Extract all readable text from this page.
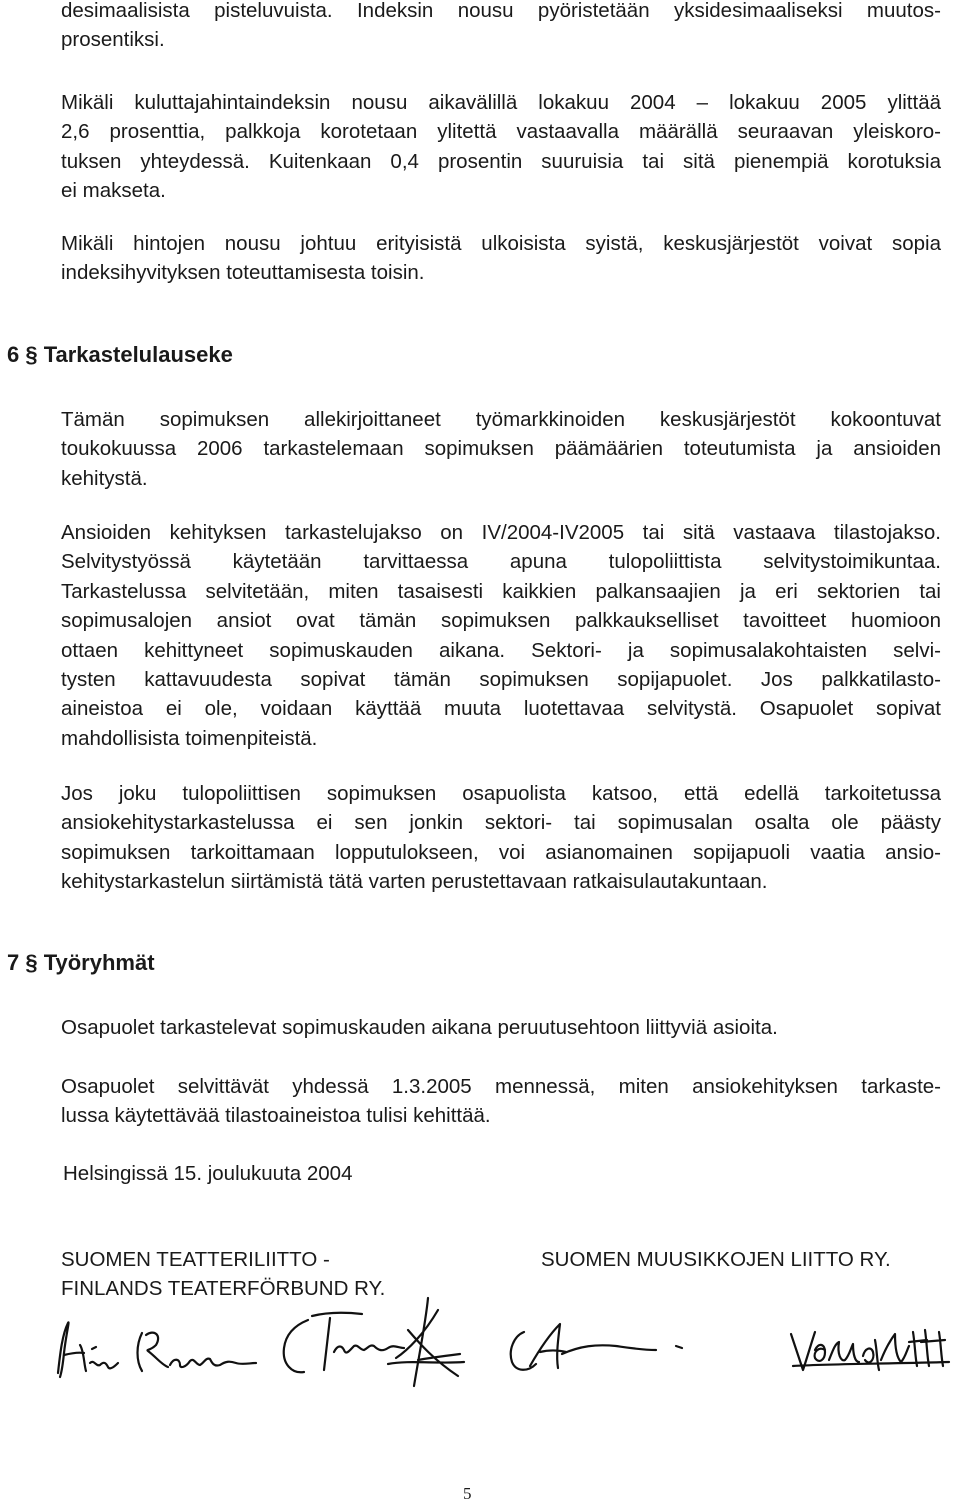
desimaalisista pisteluvuista. Indeksin nousu pyöristetään yksidesimaaliseksi muutos-
prosentiksi.
Mikäli kuluttajahintaindeksin nousu aikavälillä lokakuu 2004 – lokakuu 2005 ylittää
2,6 prosenttia, palkkoja korotetaan ylitettä vastaavalla määrällä seuraavan yleiskoro-
tuksen yhteydessä. Kuitenkaan 0,4 prosentin suuruisia tai sitä pienempiä korotuksia
ei makseta.
Mikäli hintojen nousu johtuu erityisistä ulkoisista syistä, keskusjärjestöt voivat sopia
indeksihyvityksen toteuttamisesta toisin.
6 § Tarkastelulauseke
Tämän sopimuksen allekirjoittaneet työmarkkinoiden keskusjärjestöt kokoontuvat
toukokuussa 2006 tarkastelemaan sopimuksen päämäärien toteutumista ja ansioiden
kehitystä.
Ansioiden kehityksen tarkastelujakso on IV/2004-IV2005 tai sitä vastaava tilastojakso.
Selvitystyössä käytetään tarvittaessa apuna tulopoliittista selvitystoimikuntaa.
Tarkastelussa selvitetään, miten tasaisesti kaikkien palkansaajien ja eri sektorien tai
sopimusalojen ansiot ovat tämän sopimuksen palkkaukselliset tavoitteet huomioon
ottaen kehittyneet sopimuskauden aikana. Sektori- ja sopimusalakohtaisten selvi-
tysten kattavuudesta sopivat tämän sopimuksen sopijapuolet. Jos palkkatilasto-
aineistoa ei ole, voidaan käyttää muuta luotettavaa selvitystä. Osapuolet sopivat
mahdollisista toimenpiteistä.
Jos joku tulopoliittisen sopimuksen osapuolista katsoo, että edellä tarkoitetussa
ansiokehitystarkastelussa ei sen jonkin sektori- tai sopimusalan osalta ole päästy
sopimuksen tarkoittamaan lopputulokseen, voi asianomainen sopijapuoli vaatia ansio-
kehitystarkastelun siirtämistä tätä varten perustettavaan ratkaisulautakuntaan.
7 § Työryhmät
Osapuolet tarkastelevat sopimuskauden aikana peruutusehtoon liittyviä asioita.
Osapuolet selvittävät yhdessä 1.3.2005 mennessä, miten ansiokehityksen tarkaste-
lussa käytettävää tilastoaineistoa tulisi kehittää.

Helsingissä 15. joulukuuta 2004

SUOMEN TEATTERILIITTO -
FINLANDS TEATERFÖRBUND RY.
SUOMEN MUUSIKKOJEN LIITTO RY.

5
